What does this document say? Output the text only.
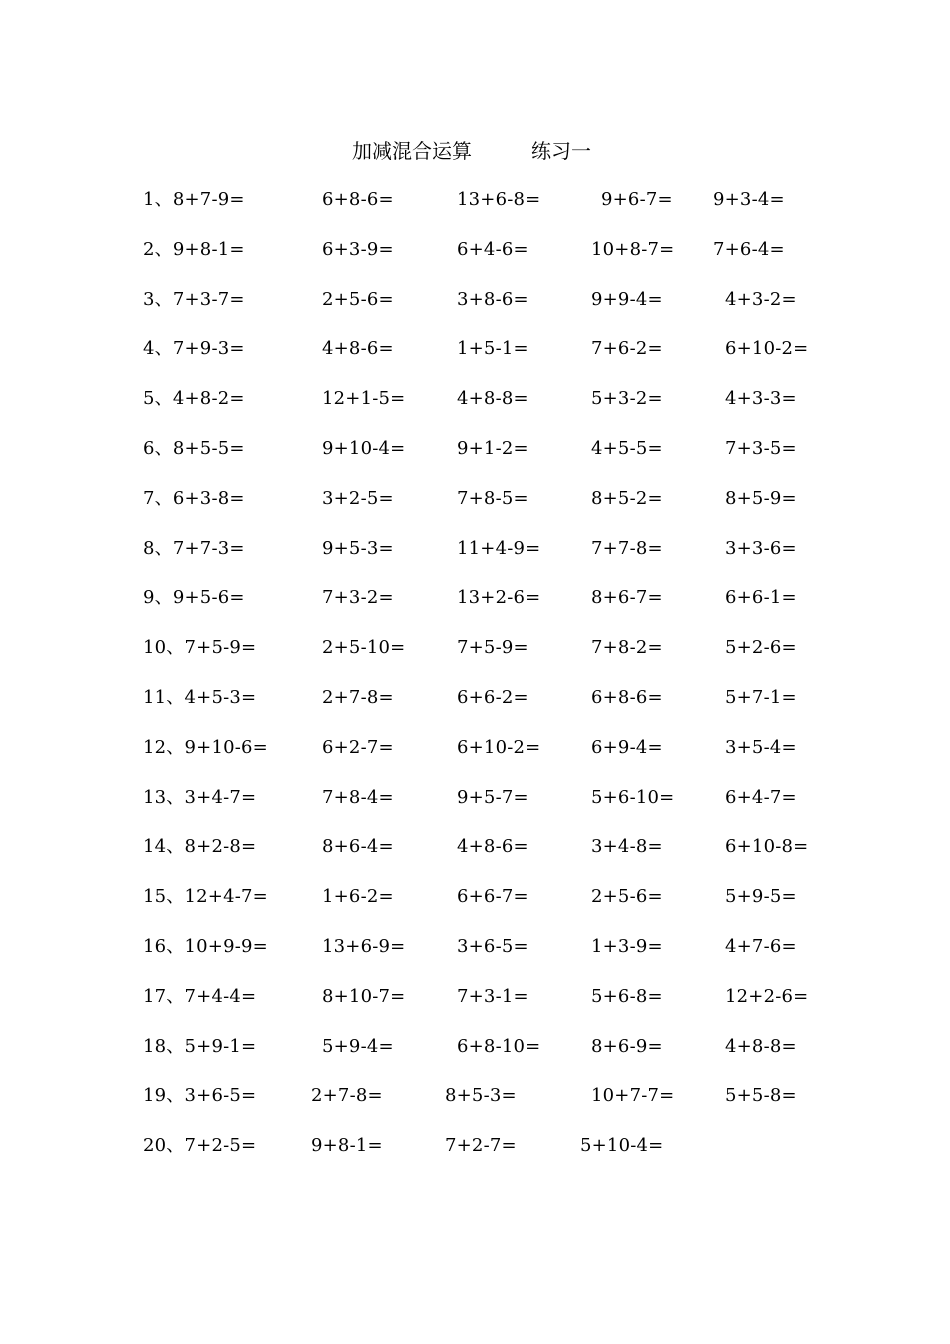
加减混合运算	练习一
1、8+7-9=	6+8-6=	13+6-8=	9+6-7= 9+3-4=
2、9+8-1=	6+3-9=	6+4-6=	10+8-7= 7+6-4=
3、7+3-7=	2+5-6=	3+8-6=	9+9-4=	4+3-2=
4、7+9-3=	4+8-6=	1+5-1=	7+6-2=	6+10-2=
5、4+8-2=	12+1-5=	4+8-8=	5+3-2=	4+3-3=
6、8+5-5=	9+10-4=	9+1-2=	4+5-5=	7+3-5=
7、6+3-8=	3+2-5=	7+8-5=	8+5-2=	8+5-9=
8、7+7-3=	9+5-3=	11+4-9=	7+7-8=	3+3-6=
9、9+5-6=	7+3-2=	13+2-6=	8+6-7=	6+6-1=
10、7+5-9=	2+5-10=	7+5-9=	7+8-2=	5+2-6=
11、4+5-3=	2+7-8=	6+6-2=	6+8-6=	5+7-1=
12、9+10-6=	6+2-7=	6+10-2=	6+9-4=	3+5-4=
13、3+4-7=	7+8-4=	9+5-7=	5+6-10=	6+4-7=
14、8+2-8=	8+6-4=	4+8-6=	3+4-8=	6+10-8=
15、12+4-7=	1+6-2=	6+6-7=	2+5-6=	5+9-5=
16、10+9-9=	13+6-9=	3+6-5=	1+3-9=	4+7-6=
17、7+4-4=	8+10-7=	7+3-1=	5+6-8=	12+2-6=
18、5+9-1=	5+9-4=	6+8-10=	8+6-9=	4+8-8=
19、3+6-5=	2+7-8=	8+5-3=	10+7-7=	5+5-8=
20、7+2-5=	9+8-1=	7+2-7=	5+10-4=
